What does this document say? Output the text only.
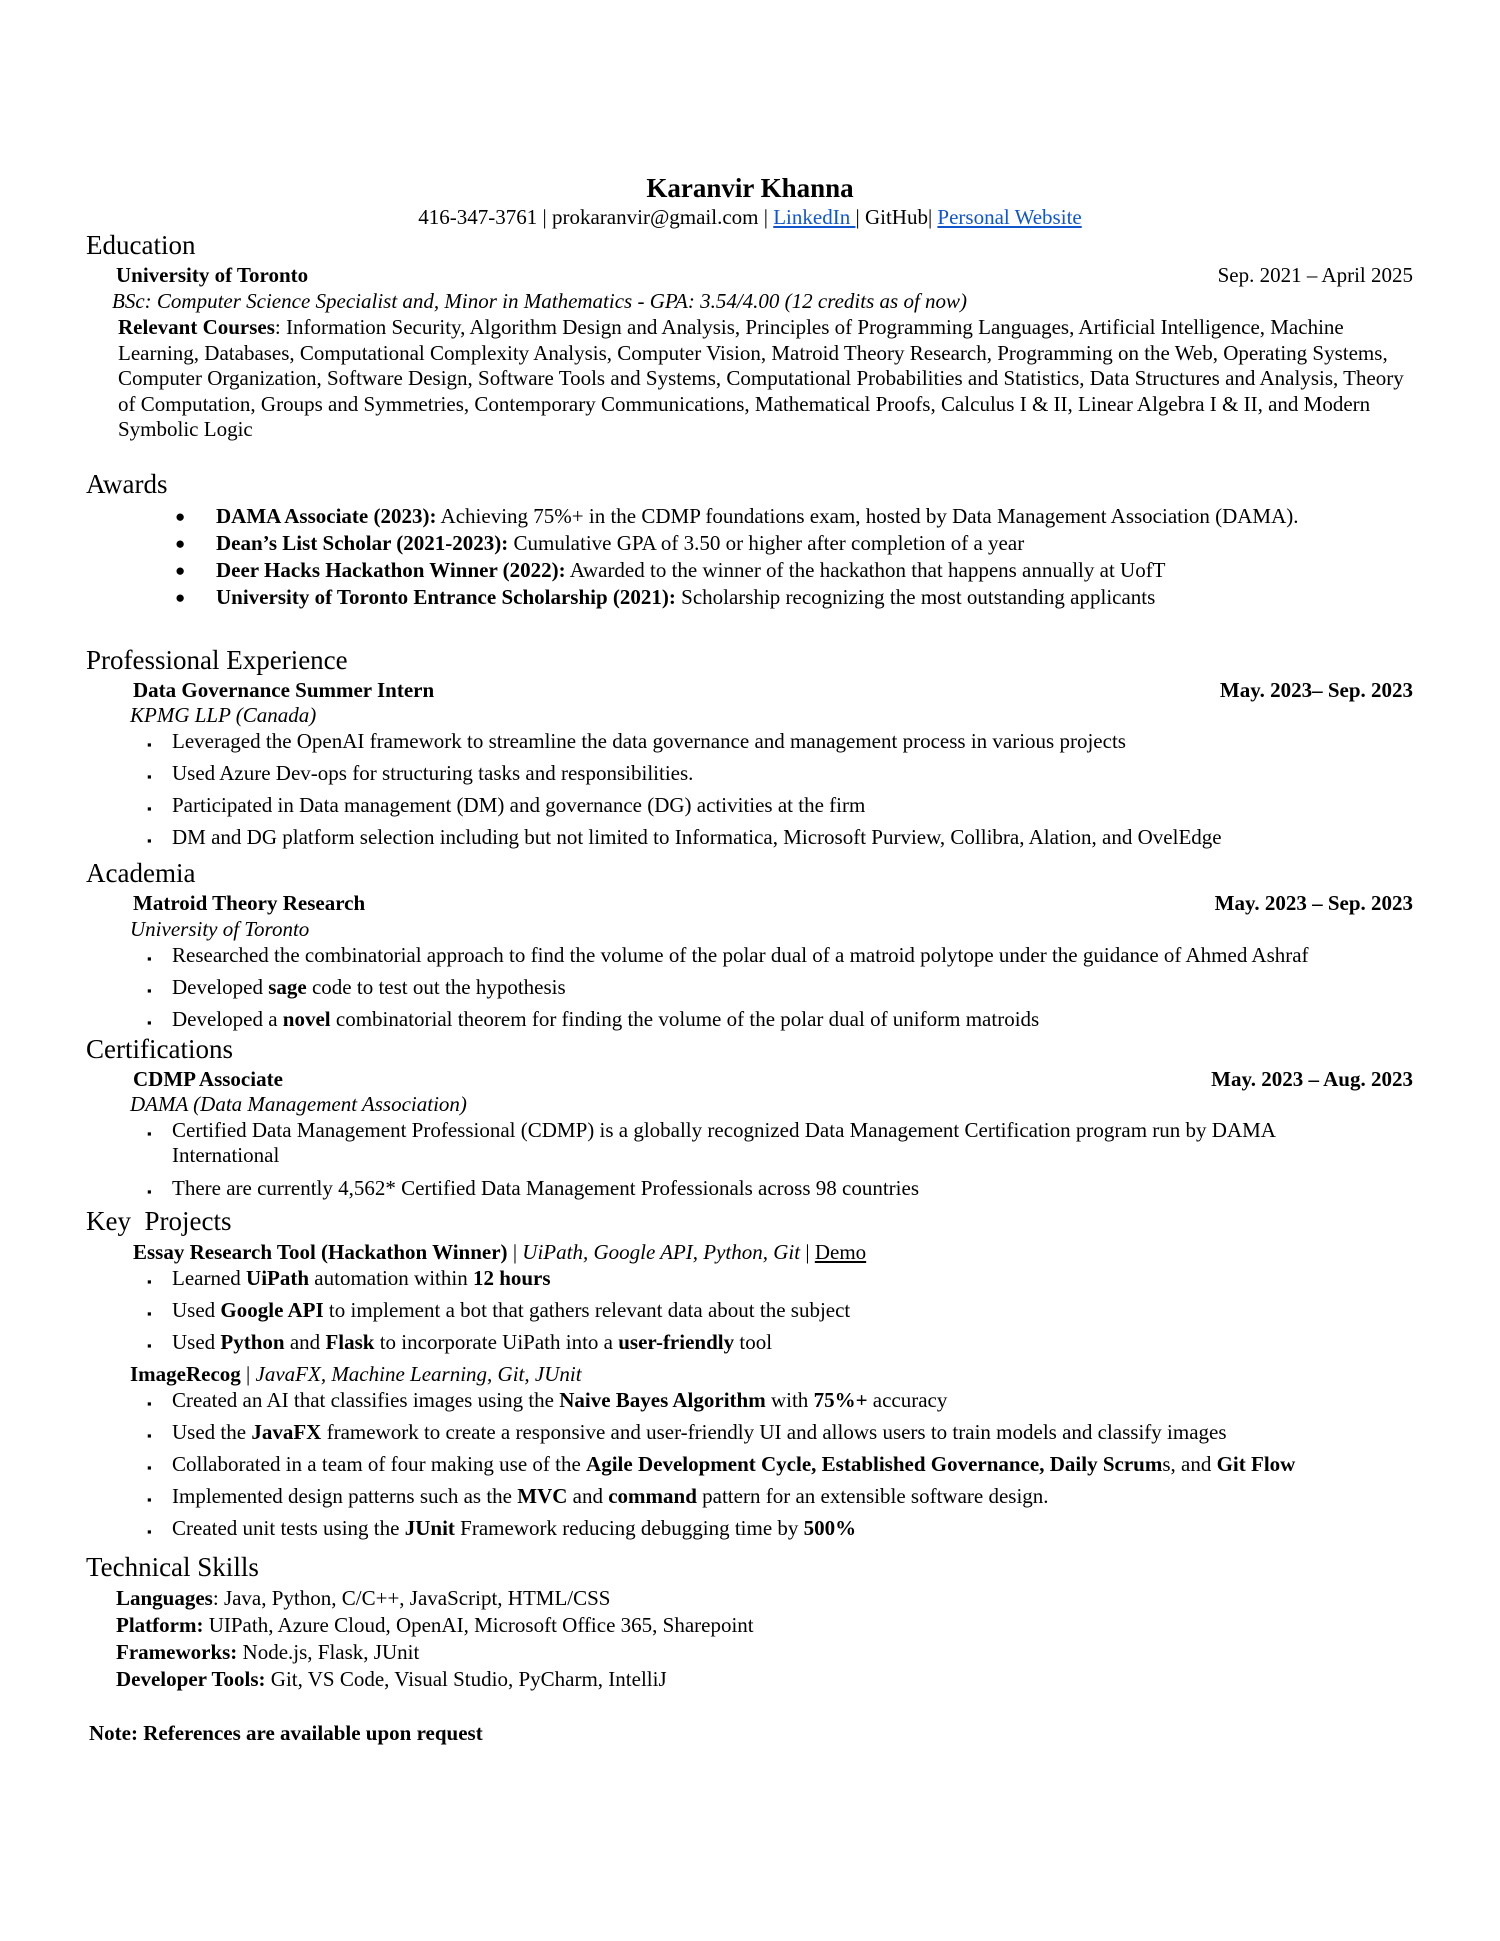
Karanvir Khanna
416-347-3761 | prokaranvir@gmail.com | LinkedIn | GitHub| Personal Website
Education
University of Toronto	Sep. 2021 – April 2025
BSc: Computer Science Specialist and, Minor in Mathematics - GPA: 3.54/4.00 (12 credits as of now)
Relevant Courses: Information Security, Algorithm Design and Analysis, Principles of Programming Languages, Artificial Intelligence, Machine Learning, Databases, Computational Complexity Analysis, Computer Vision, Matroid Theory Research, Programming on the Web, Operating Systems, Computer Organization, Software Design, Software Tools and Systems, Computational Probabilities and Statistics, Data Structures and Analysis, Theory of Computation, Groups and Symmetries, Contemporary Communications, Mathematical Proofs, Calculus I & II, Linear Algebra I & II, and Modern Symbolic Logic
Awards
● DAMA Associate (2023): Achieving 75%+ in the CDMP foundations exam, hosted by Data Management Association (DAMA).
● Dean’s List Scholar (2021-2023): Cumulative GPA of 3.50 or higher after completion of a year
● Deer Hacks Hackathon Winner (2022): Awarded to the winner of the hackathon that happens annually at UofT
● University of Toronto Entrance Scholarship (2021): Scholarship recognizing the most outstanding applicants
Professional Experience
Data Governance Summer Intern	May. 2023– Sep. 2023
KPMG LLP (Canada)
▪ Leveraged the OpenAI framework to streamline the data governance and management process in various projects
▪ Used Azure Dev-ops for structuring tasks and responsibilities.
▪ Participated in Data management (DM) and governance (DG) activities at the firm
▪ DM and DG platform selection including but not limited to Informatica, Microsoft Purview, Collibra, Alation, and OvelEdge
Academia
Matroid Theory Research	May. 2023 – Sep. 2023
University of Toronto
▪ Researched the combinatorial approach to find the volume of the polar dual of a matroid polytope under the guidance of Ahmed Ashraf
▪ Developed sage code to test out the hypothesis
▪ Developed a novel combinatorial theorem for finding the volume of the polar dual of uniform matroids
Certifications
CDMP Associate	May. 2023 – Aug. 2023
DAMA (Data Management Association)
▪ Certified Data Management Professional (CDMP) is a globally recognized Data Management Certification program run by DAMA International
▪ There are currently 4,562* Certified Data Management Professionals across 98 countries
Key  Projects
Essay Research Tool (Hackathon Winner) | UiPath, Google API, Python, Git | Demo
▪ Learned UiPath automation within 12 hours
▪ Used Google API to implement a bot that gathers relevant data about the subject
▪ Used Python and Flask to incorporate UiPath into a user-friendly tool
ImageRecog | JavaFX, Machine Learning, Git, JUnit
▪ Created an AI that classifies images using the Naive Bayes Algorithm with 75%+ accuracy
▪ Used the JavaFX framework to create a responsive and user-friendly UI and allows users to train models and classify images
▪ Collaborated in a team of four making use of the Agile Development Cycle, Established Governance, Daily Scrums, and Git Flow
▪ Implemented design patterns such as the MVC and command pattern for an extensible software design.
▪ Created unit tests using the JUnit Framework reducing debugging time by 500%
Technical Skills
Languages: Java, Python, C/C++, JavaScript, HTML/CSS
Platform: UIPath, Azure Cloud, OpenAI, Microsoft Office 365, Sharepoint
Frameworks: Node.js, Flask, JUnit
Developer Tools: Git, VS Code, Visual Studio, PyCharm, IntelliJ
Note: References are available upon request
